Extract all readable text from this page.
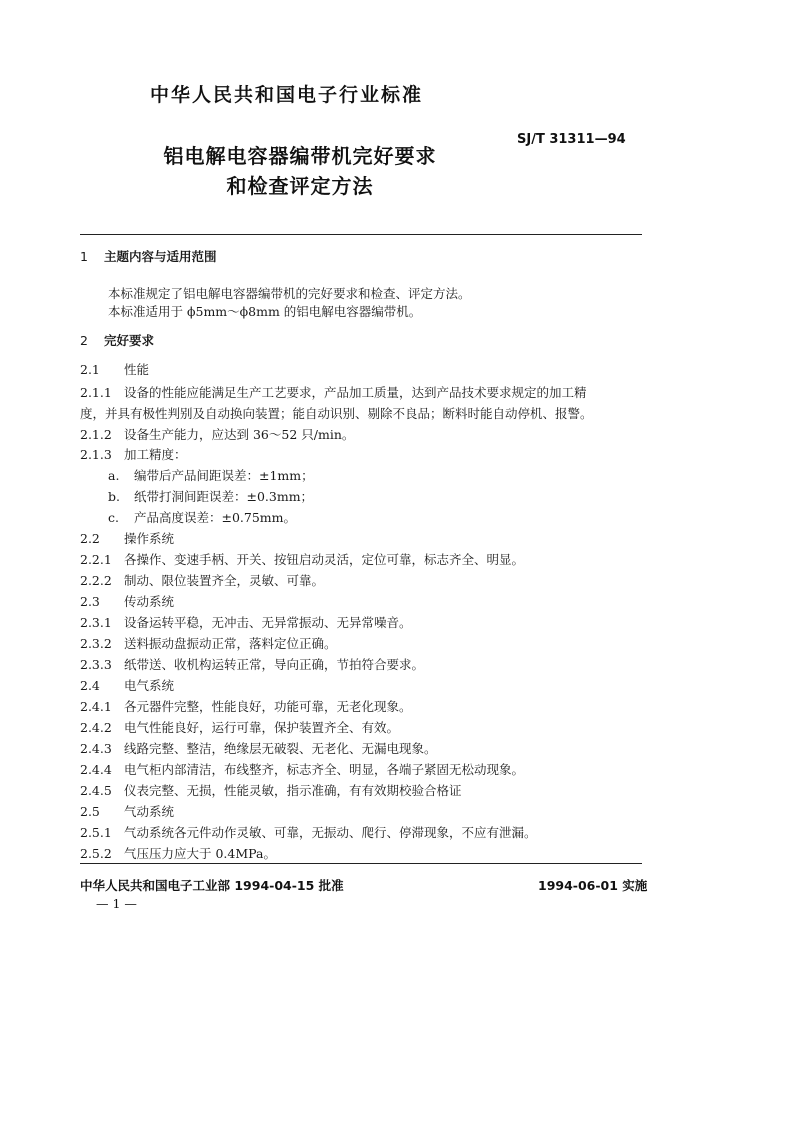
中华人民共和国电子行业标准
SJ/T 31311—94
铝电解电容器编带机完好要求
和检查评定方法
1 主题内容与适用范围
本标准规定了铝电解电容器编带机的完好要求和检查、评定方法。
本标准适用于 ϕ5mm～ϕ8mm 的铝电解电容器编带机。
2 完好要求
2.1 性能
2.1.1 设备的性能应能满足生产工艺要求，产品加工质量，达到产品技术要求规定的加工精
度，并具有极性判别及自动换向装置；能自动识别、剔除不良品；断料时能自动停机、报警。
2.1.2 设备生产能力，应达到 36～52 只/min。
2.1.3 加工精度：
a. 编带后产品间距误差：±1mm；
b. 纸带打洞间距误差：±0.3mm；
c. 产品高度误差：±0.75mm。
2.2 操作系统
2.2.1 各操作、变速手柄、开关、按钮启动灵活，定位可靠，标志齐全、明显。
2.2.2 制动、限位装置齐全，灵敏、可靠。
2.3 传动系统
2.3.1 设备运转平稳，无冲击、无异常振动、无异常噪音。
2.3.2 送料振动盘振动正常，落料定位正确。
2.3.3 纸带送、收机构运转正常，导向正确，节拍符合要求。
2.4 电气系统
2.4.1 各元器件完整，性能良好，功能可靠，无老化现象。
2.4.2 电气性能良好，运行可靠，保护装置齐全、有效。
2.4.3 线路完整、整洁，绝缘层无破裂、无老化、无漏电现象。
2.4.4 电气柜内部清洁，布线整齐，标志齐全、明显，各端子紧固无松动现象。
2.4.5 仪表完整、无损，性能灵敏，指示准确，有有效期校验合格证
2.5 气动系统
2.5.1 气动系统各元件动作灵敏、可靠，无振动、爬行、停滞现象，不应有泄漏。
2.5.2 气压压力应大于 0.4MPa。
中华人民共和国电子工业部 1994-04-15 批准	1994-06-01 实施
— 1 —
